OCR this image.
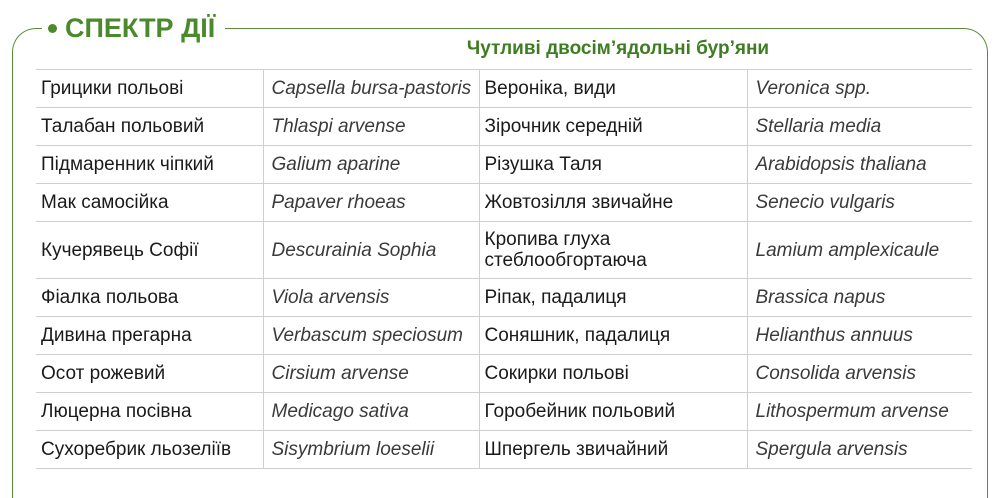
СПЕКТР ДІЇ
Чутливі двосім’ядольні бур’яни
Грицики польові	Capsella bursa-pastoris	Вероніка, види	Veronica spp.
Талабан польовий	Thlaspi arvense	Зірочник середній	Stellaria media
Підмаренник чіпкий	Galium aparine	Різушка Таля	Arabidopsis thaliana
Мак самосійка	Papaver rhoeas	Жовтозілля звичайне	Senecio vulgaris
Кучерявець Софії	Descurainia Sophia	Кропива глуха стеблообгортаюча	Lamium amplexicaule
Фіалка польова	Viola arvensis	Ріпак, падалиця	Brassica napus
Дивина прегарна	Verbascum speciosum	Соняшник, падалиця	Helianthus annuus
Осот рожевий	Cirsium arvense	Сокирки польові	Consolida arvensis
Люцерна посівна	Medicago sativa	Горобейник польовий	Lithospermum arvense
Сухоребрик льозеліїв	Sisymbrium loeselii	Шпергель звичайний	Spergula arvensis
